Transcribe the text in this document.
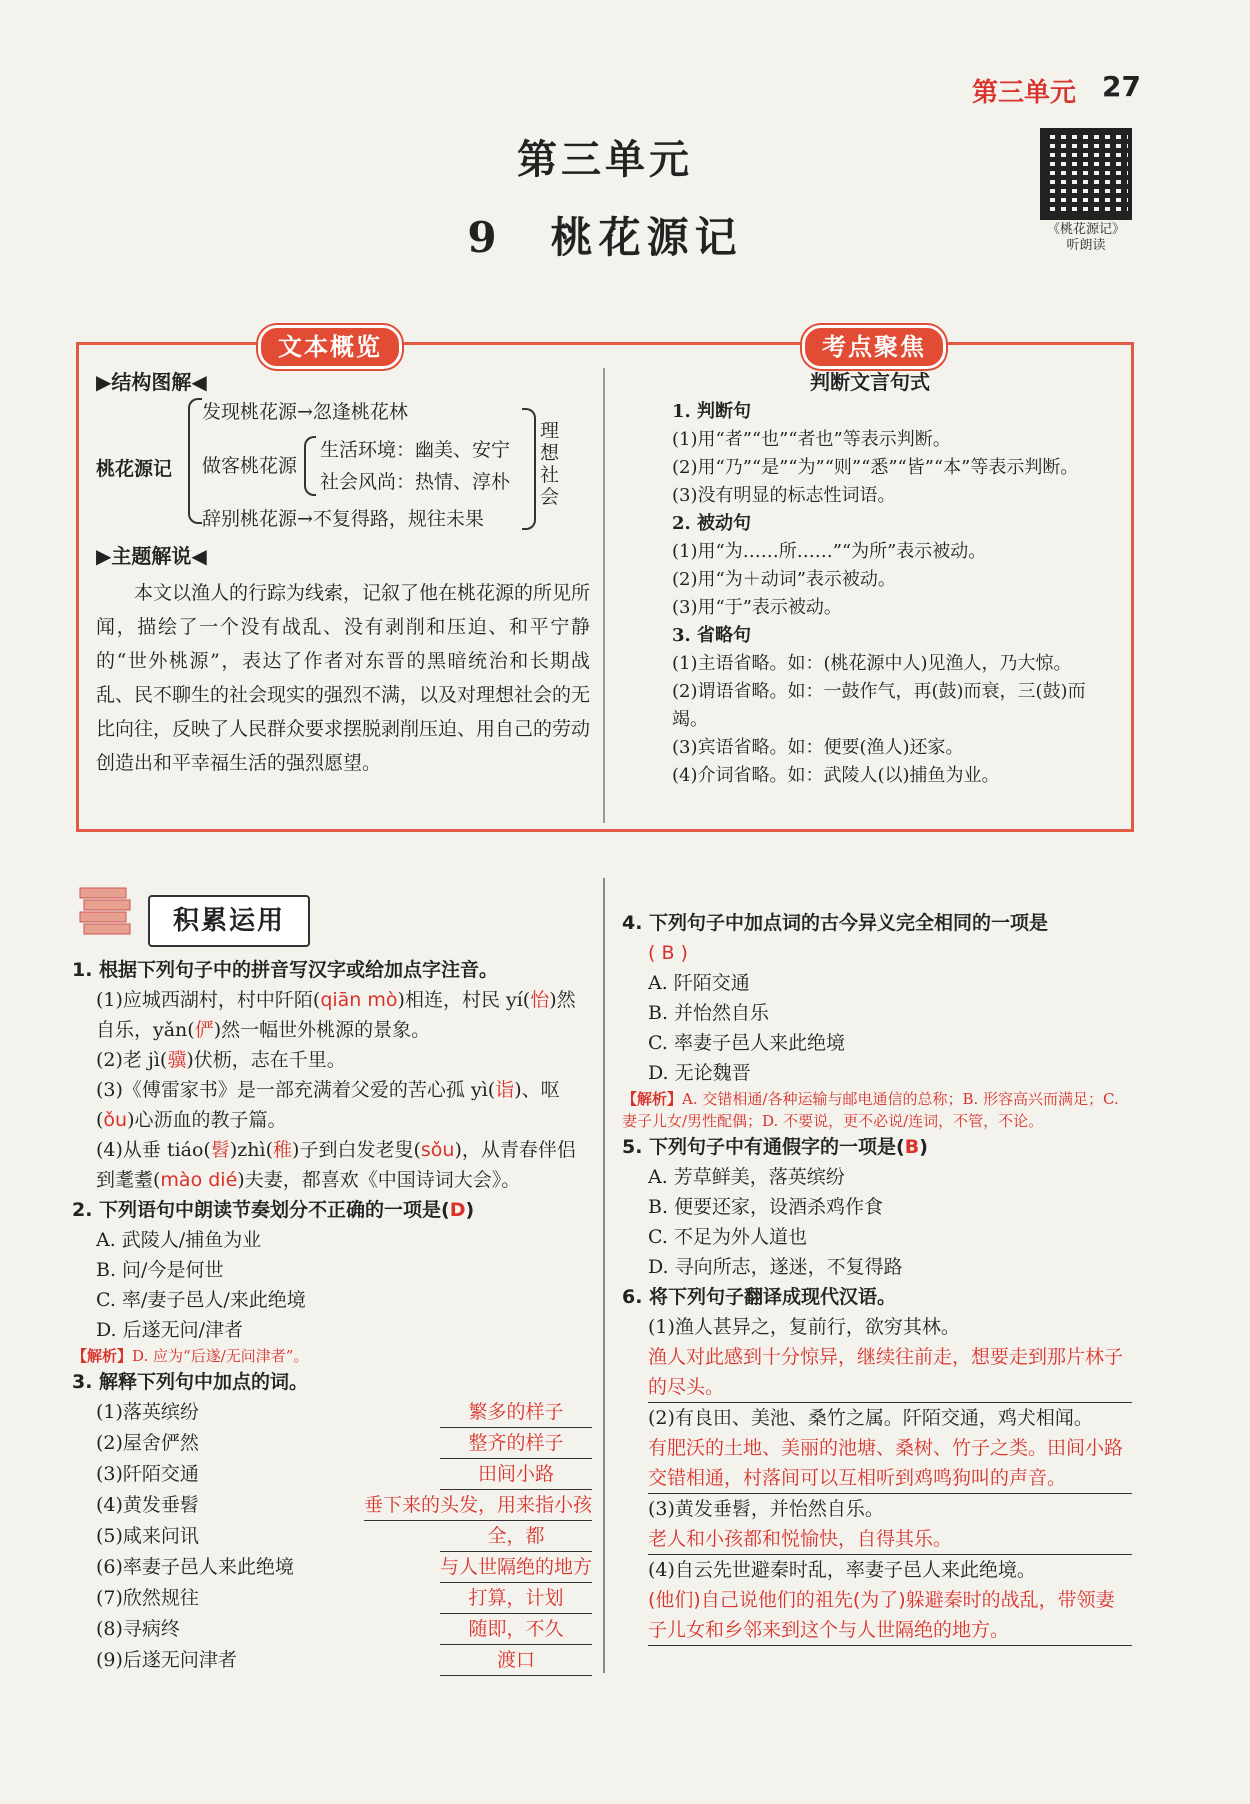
第三单元 27
《桃花源记》
听朗读
第三单元
9　桃花源记
文本概览	考点聚焦
▶结构图解◀
桃花源记
发现桃花源→忽逢桃花林
做客桃花源
生活环境：幽美、安宁
社会风尚：热情、淳朴
辞别桃花源→不复得路，规往未果
理想社会
▶主题解说◀
本文以渔人的行踪为线索，记叙了他在桃花源的所见所闻，描绘了一个没有战乱、没有剥削和压迫、和平宁静的“世外桃源”，表达了作者对东晋的黑暗统治和长期战乱、民不聊生的社会现实的强烈不满，以及对理想社会的无比向往，反映了人民群众要求摆脱剥削压迫、用自己的劳动创造出和平幸福生活的强烈愿望。
判断文言句式
1. 判断句
(1)用“者”“也”“者也”等表示判断。
(2)用“乃”“是”“为”“则”“悉”“皆”“本”等表示判断。
(3)没有明显的标志性词语。
2. 被动句
(1)用“为……所……”“为所”表示被动。
(2)用“为＋动词”表示被动。
(3)用“于”表示被动。
3. 省略句
(1)主语省略。如：(桃花源中人)见渔人，乃大惊。
(2)谓语省略。如：一鼓作气，再(鼓)而衰，三(鼓)而竭。
(3)宾语省略。如：便要(渔人)还家。
(4)介词省略。如：武陵人(以)捕鱼为业。
积累运用
1. 根据下列句子中的拼音写汉字或给加点字注音。
(1)应城西湖村，村中阡陌(qiān mò)相连，村民 yí(怡)然自乐，yǎn(俨)然一幅世外桃源的景象。
(2)老 jì(骥)伏枥，志在千里。
(3)《傅雷家书》是一部充满着父爱的苦心孤 yì(诣)、呕(ǒu)心沥血的教子篇。
(4)从垂 tiáo(髫)zhì(稚)子到白发老叟(sǒu)，从青春伴侣到耄耋(mào dié)夫妻，都喜欢《中国诗词大会》。
2. 下列语句中朗读节奏划分不正确的一项是(D)
A. 武陵人/捕鱼为业
B. 问/今是何世
C. 率/妻子邑人/来此绝境
D. 后遂无问/津者
【解析】D. 应为“后遂/无问津者”。
3. 解释下列句中加点的词。
(1)落英缤纷	繁多的样子
(2)屋舍俨然	整齐的样子
(3)阡陌交通	田间小路
(4)黄发垂髫	垂下来的头发，用来指小孩
(5)咸来问讯	全，都
(6)率妻子邑人来此绝境	与人世隔绝的地方
(7)欣然规往	打算，计划
(8)寻病终	随即，不久
(9)后遂无问津者	渡口
4. 下列句子中加点词的古今异义完全相同的一项是
( B )
A. 阡陌交通
B. 并怡然自乐
C. 率妻子邑人来此绝境
D. 无论魏晋
【解析】A. 交错相通/各种运输与邮电通信的总称；B. 形容高兴而满足；C. 妻子儿女/男性配偶；D. 不要说，更不必说/连词，不管，不论。
5. 下列句子中有通假字的一项是(B)
A. 芳草鲜美，落英缤纷
B. 便要还家，设酒杀鸡作食
C. 不足为外人道也
D. 寻向所志，遂迷，不复得路
6. 将下列句子翻译成现代汉语。
(1)渔人甚异之，复前行，欲穷其林。
渔人对此感到十分惊异，继续往前走，想要走到那片林子的尽头。
(2)有良田、美池、桑竹之属。阡陌交通，鸡犬相闻。
有肥沃的土地、美丽的池塘、桑树、竹子之类。田间小路交错相通，村落间可以互相听到鸡鸣狗叫的声音。
(3)黄发垂髫，并怡然自乐。
老人和小孩都和悦愉快，自得其乐。
(4)自云先世避秦时乱，率妻子邑人来此绝境。
(他们)自己说他们的祖先(为了)躲避秦时的战乱，带领妻子儿女和乡邻来到这个与人世隔绝的地方。
